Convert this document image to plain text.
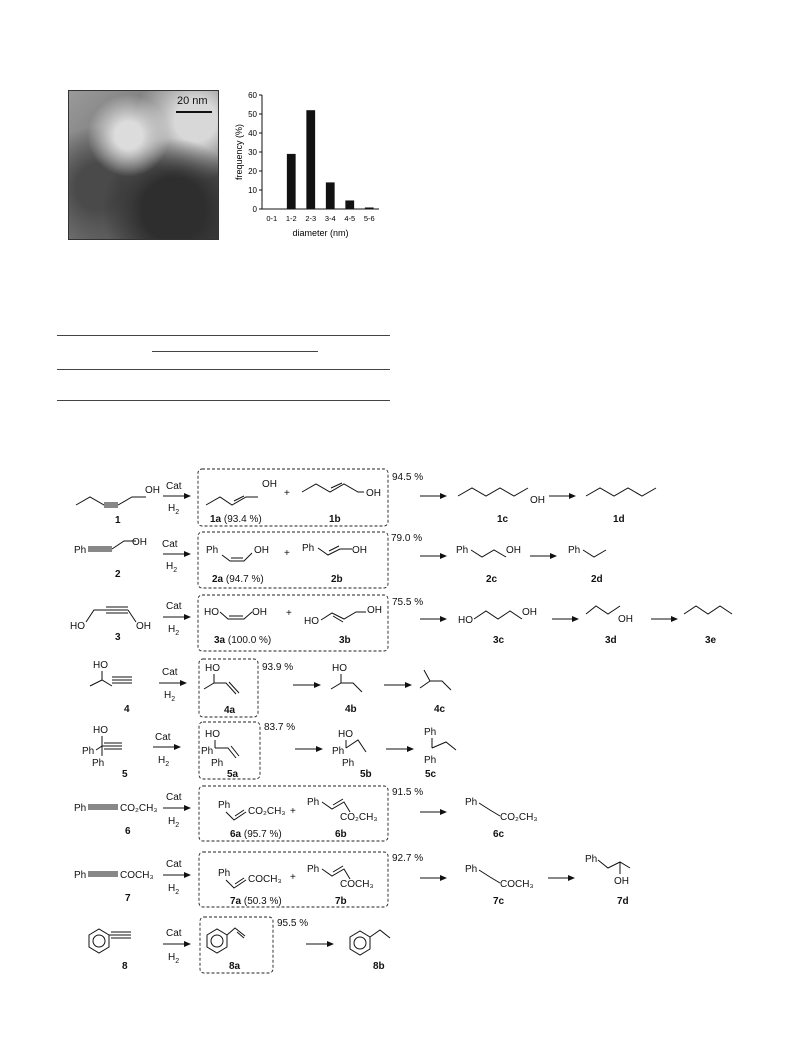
20 nm
0
10
20
30
40
50
60
0-1 1-2 2-3 3-4 4-5 5-6
diameter (nm)
frequency (%)
OH
1
Cat
$H_2$
OH
1a (93.4 %)
+	OH
1b
94.5 %
OH
1c	1d
Ph
OH
2
Cat
$H_2$
Ph	OH
2a (94.7 %)
+ Ph	OH
2b
79.0 %
Ph	OH
2c
Ph
2d
HO	OH
3
Cat
$H_2$
HO	OH
3a (100.0 %)
+
HO
OH
3b
75.5 %
HO
OH
3c
OH
3d	3e
HO
4
Cat
$H_2$
HO
4a
93.9 %	HO
4b	4c
HO
Ph
Ph
5
Cat
$H_2$
HO
Ph
Ph
5a
83.7 %
HO
Ph
Ph
5b
Ph
Ph
5c
Ph	CO₂CH₃
6
Cat
$H_2$
Ph
CO₂CH₃
6a (95.7 %)
+
Ph
CO₂CH₃
6b
91.5 %
Ph
CO₂CH₃
6c
Ph	COCH₃
7
Cat
$H_2$
Ph
COCH₃
7a (50.3 %)
+
Ph
COCH₃
7b
92.7 %
Ph
COCH₃
7c
Ph
OH
7d
8
Cat
$H_2$	8a
95.5 %
8b
